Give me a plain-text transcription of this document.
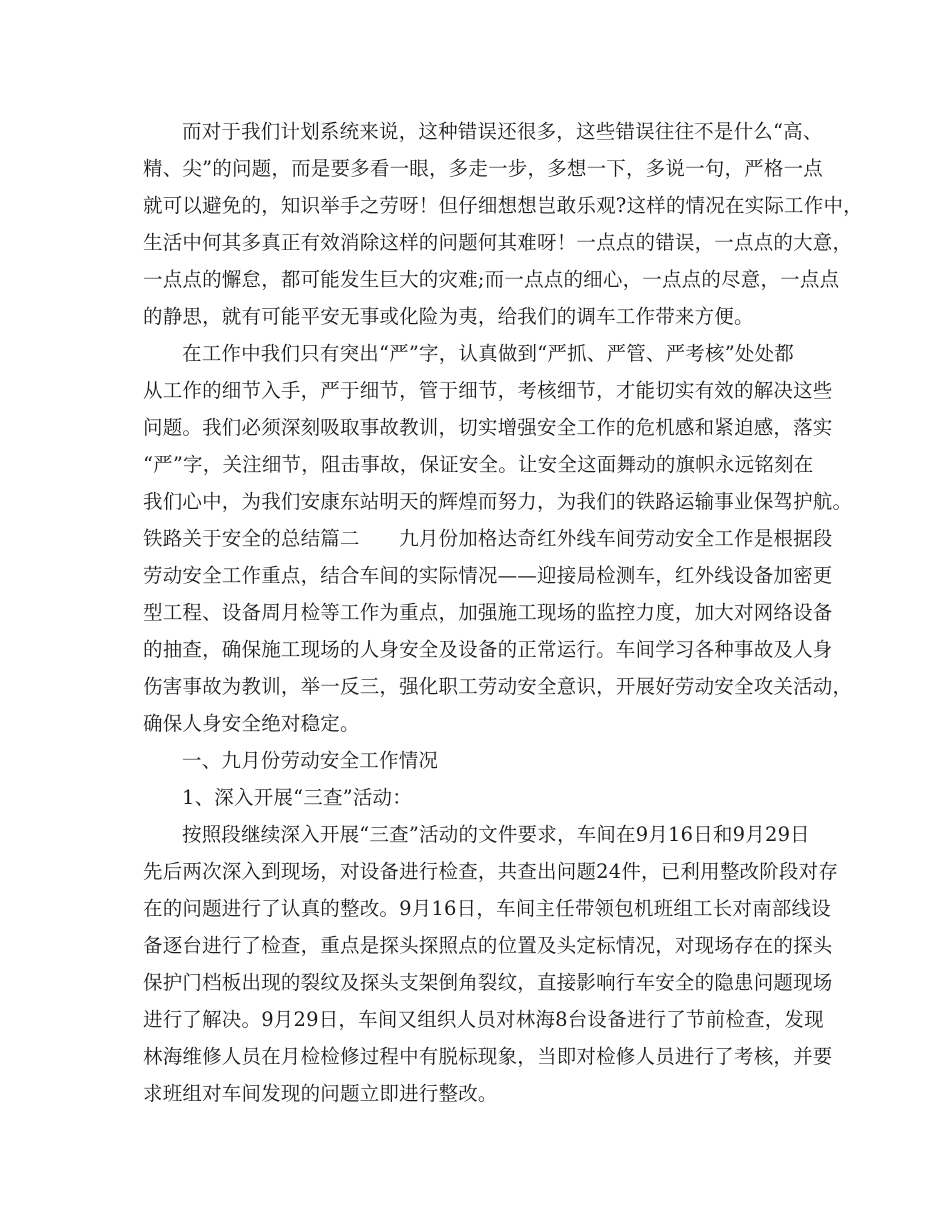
而对于我们计划系统来说，这种错误还很多，这些错误往往不是什么“高、
精、尖”的问题，而是要多看一眼，多走一步，多想一下，多说一句，严格一点
就可以避免的，知识举手之劳呀！但仔细想想岂敢乐观?这样的情况在实际工作中，
生活中何其多真正有效消除这样的问题何其难呀！一点点的错误，一点点的大意，
一点点的懈怠，都可能发生巨大的灾难;而一点点的细心，一点点的尽意，一点点
的静思，就有可能平安无事或化险为夷，给我们的调车工作带来方便。
在工作中我们只有突出“严”字，认真做到“严抓、严管、严考核”处处都
从工作的细节入手，严于细节，管于细节，考核细节，才能切实有效的解决这些
问题。我们必须深刻吸取事故教训，切实增强安全工作的危机感和紧迫感，落实
“严”字，关注细节，阻击事故，保证安全。让安全这面舞动的旗帜永远铭刻在
我们心中，为我们安康东站明天的辉煌而努力，为我们的铁路运输事业保驾护航。
铁路关于安全的总结篇二　　九月份加格达奇红外线车间劳动安全工作是根据段
劳动安全工作重点，结合车间的实际情况——迎接局检测车，红外线设备加密更
型工程、设备周月检等工作为重点，加强施工现场的监控力度，加大对网络设备
的抽查，确保施工现场的人身安全及设备的正常运行。车间学习各种事故及人身
伤害事故为教训，举一反三，强化职工劳动安全意识，开展好劳动安全攻关活动，
确保人身安全绝对稳定。
一、九月份劳动安全工作情况
1、深入开展“三查”活动：
按照段继续深入开展“三查”活动的文件要求，车间在9月16日和9月29日
先后两次深入到现场，对设备进行检查，共查出问题24件，已利用整改阶段对存
在的问题进行了认真的整改。9月16日，车间主任带领包机班组工长对南部线设
备逐台进行了检查，重点是探头探照点的位置及头定标情况，对现场存在的探头
保护门档板出现的裂纹及探头支架倒角裂纹，直接影响行车安全的隐患问题现场
进行了解决。9月29日，车间又组织人员对林海8台设备进行了节前检查，发现
林海维修人员在月检检修过程中有脱标现象，当即对检修人员进行了考核，并要
求班组对车间发现的问题立即进行整改。
